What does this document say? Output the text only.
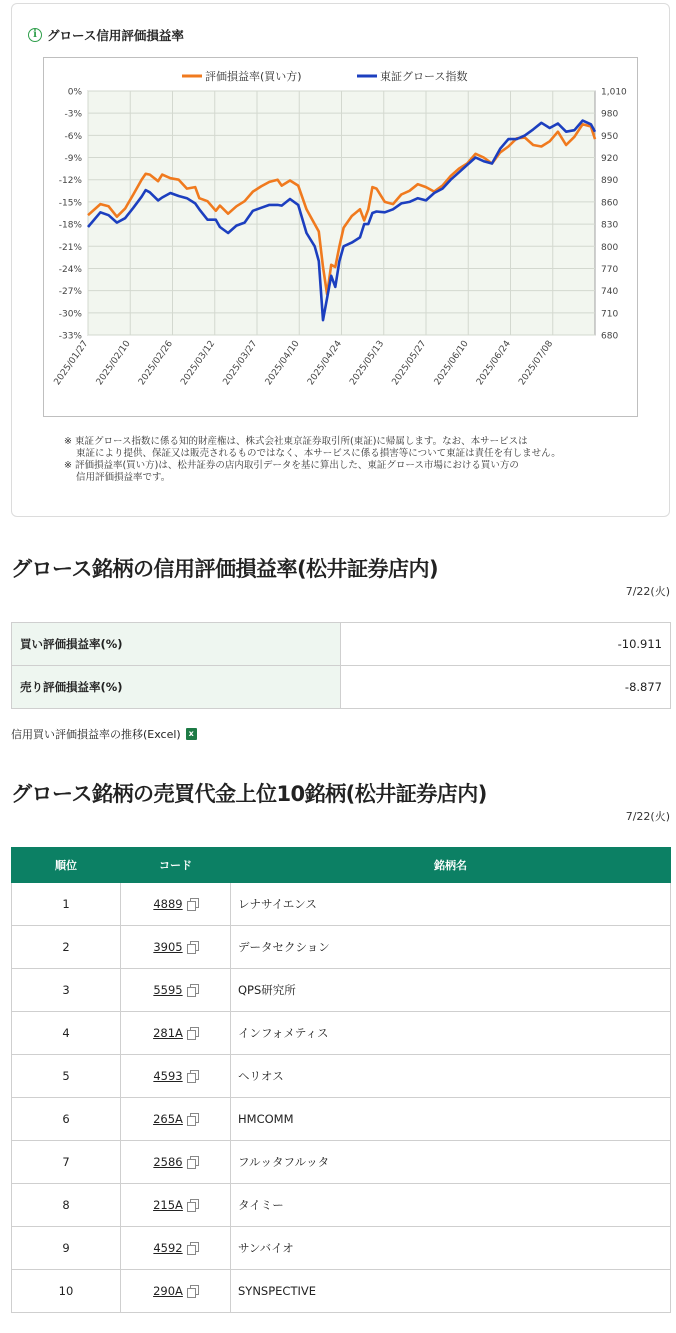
i グロース信用評価損益率
0%	1,010
-3%	980
-6%	950
-9%	920
-12%	890
-15%	860
-18%	830
-21%	800
-24%	770
-27%	740
-30%	710
-33%	680
2025/01/27 2025/02/10 2025/02/26 2025/03/12 2025/03/27 2025/04/10 2025/04/24 2025/05/13 2025/05/27 2025/06/10 2025/06/24 2025/07/08
評価損益率(買い方)	東証グロース指数

※ 東証グロース指数に係る知的財産権は、株式会社東京証券取引所(東証)に帰属します。なお、本サービスは

東証により提供、保証又は販売されるものではなく、本サービスに係る損害等について東証は責任を有しません。

※ 評価損益率(買い方)は、松井証券の店内取引データを基に算出した、東証グロース市場における買い方の

信用評価損益率です。

グロース銘柄の信用評価損益率(松井証券店内)
7/22(火)
買い評価損益率(%)	-10.911
売り評価損益率(%)	-8.877
信用買い評価損益率の推移(Excel) x
グロース銘柄の売買代金上位10銘柄(松井証券店内)
7/22(火)
順位	コード	銘柄名
1	4889	レナサイエンス
2	3905	データセクション
3	5595	QPS研究所
4	281A	インフォメティス
5	4593	ヘリオス
6	265A	HMCOMM
7	2586	フルッタフルッタ
8	215A	タイミー
9	4592	サンバイオ
10	290A	SYNSPECTIVE
